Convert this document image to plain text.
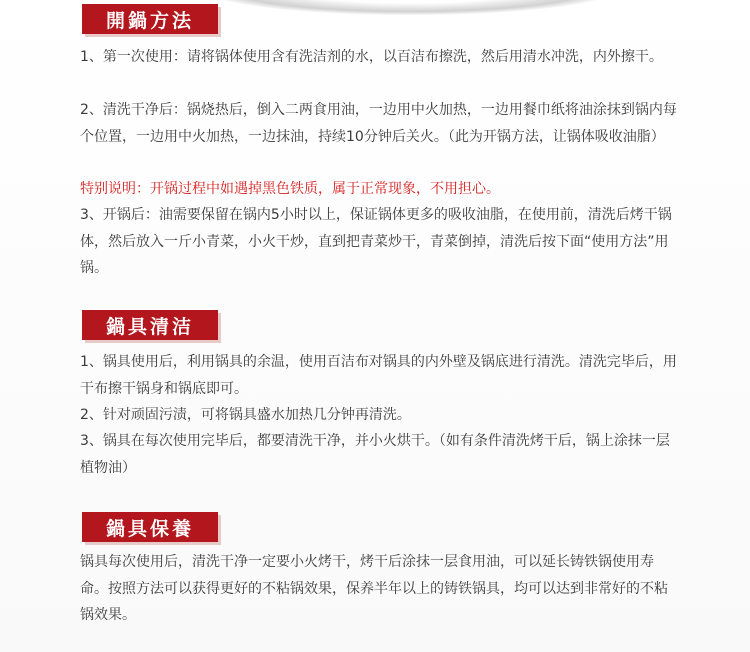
開鍋方法

1、第一次使用：请将锅体使用含有洗洁剂的水，以百洁布擦洗，然后用清水冲洗，内外擦干。

2、清洗干净后：锅烧热后，倒入二两食用油，一边用中火加热，一边用餐巾纸将油涂抹到锅内每个位置，一边用中火加热，一边抹油，持续10分钟后关火。（此为开锅方法，让锅体吸收油脂）

特别说明：开锅过程中如遇掉黑色铁质，属于正常现象，不用担心。

3、开锅后：油需要保留在锅内5小时以上，保证锅体更多的吸收油脂，在使用前，清洗后烤干锅体，然后放入一斤小青菜，小火干炒，直到把青菜炒干，青菜倒掉，清洗后按下面“使用方法”用锅。

鍋具清洁

1、锅具使用后，利用锅具的余温，使用百洁布对锅具的内外壁及锅底进行清洗。清洗完毕后，用干布擦干锅身和锅底即可。

2、针对顽固污渍，可将锅具盛水加热几分钟再清洗。

3、锅具在每次使用完毕后，都要清洗干净，并小火烘干。（如有条件清洗烤干后，锅上涂抹一层植物油）

鍋具保養

锅具每次使用后，清洗干净一定要小火烤干，烤干后涂抹一层食用油，可以延长铸铁锅使用寿命。按照方法可以获得更好的不粘锅效果，保养半年以上的铸铁锅具，均可以达到非常好的不粘锅效果。
